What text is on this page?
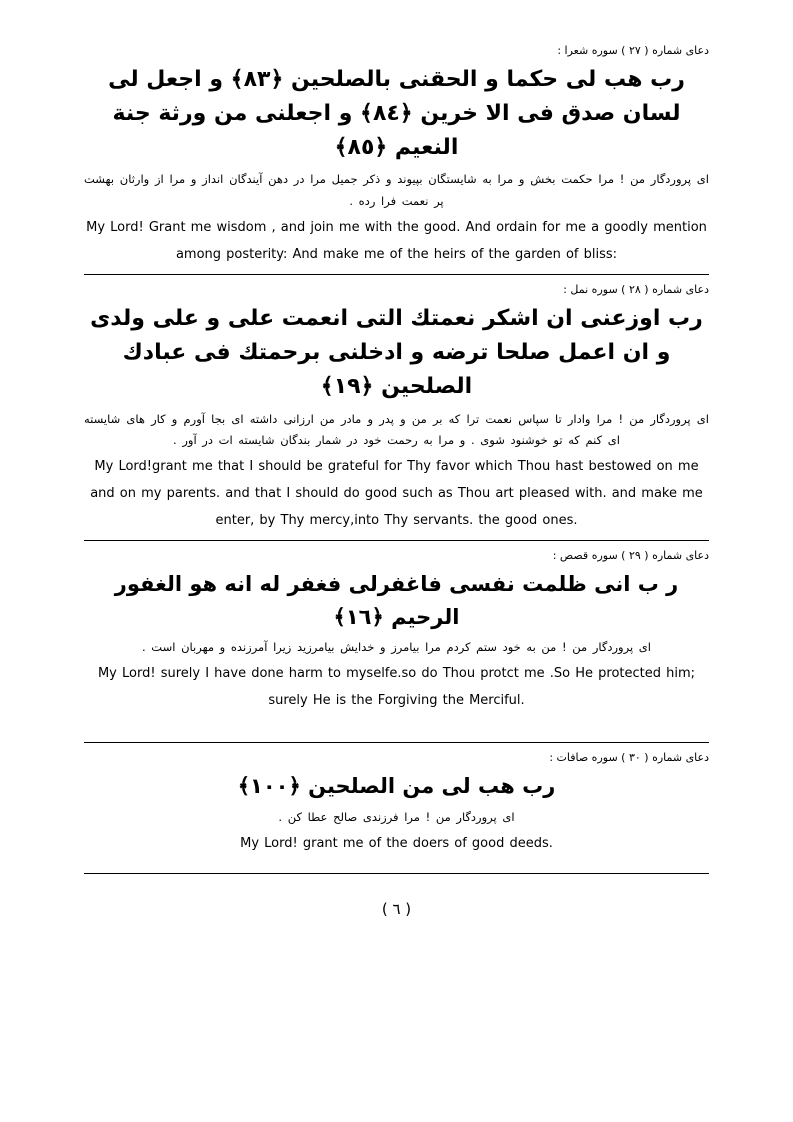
دعای شماره ( ۲۷ ) سوره شعرا :
رب هب لی حکما و الحقنی بالصلحین ﴿۸۳﴾ و اجعل لی لسان صدق فی الا خرین ﴿۸٤﴾ و اجعلنی من ورثة جنة النعیم ﴿۸٥﴾
ای پروردگار من ! مرا حکمت بخش و مرا به شایستگان بپیوند و ذکر جمیل مرا در دهن آیندگان انداز و مرا از وارثان بهشت پر نعمت فرا رده .
My Lord! Grant me wisdom , and join me with the good. And ordain for me a goodly mention among posterity: And make me of the heirs of the garden of bliss:
دعای شماره ( ۲۸ ) سوره نمل :
رب اوزعنی ان اشکر نعمتك التی انعمت علی و علی ولدی و ان اعمل صلحا ترضه و ادخلنی برحمتك فی عبادك الصلحین ﴿۱۹﴾
ای پروردگار من ! مرا وادار تا سپاس نعمت ترا که بر من و پدر و مادر من ارزانی داشته ای بجا آورم و کار های شایسته ای کنم که تو خوشنود شوی . و مرا به رحمت خود در شمار بندگان شایسته ات در آور .
My Lord!grant me that I should be grateful for Thy favor which Thou hast bestowed on me and on my parents. and that I should do good such as Thou art pleased with. and make me enter, by Thy mercy,into Thy servants. the good ones.
دعای شماره ( ۲۹ ) سوره قصص :
ر ب انی ظلمت نفسی فاغفرلی فغفر له انه هو الغفور الرحیم ﴿۱٦﴾
ای پروردگار من ! من به خود ستم کردم مرا بیامرز و خدایش بیامرزید زیرا آمرزنده و مهربان است .
My Lord! surely I have done harm to myselfe.so do Thou protct me .So He protected him; surely He is the Forgiving the Merciful.
دعای شماره ( ۳۰ ) سوره صافات :
رب هب لی من الصلحین ﴿۱۰۰﴾
ای پروردگار من ! مرا فرزندی صالح عطا کن .
My Lord! grant me of the doers of good deeds.
( ٦ )
